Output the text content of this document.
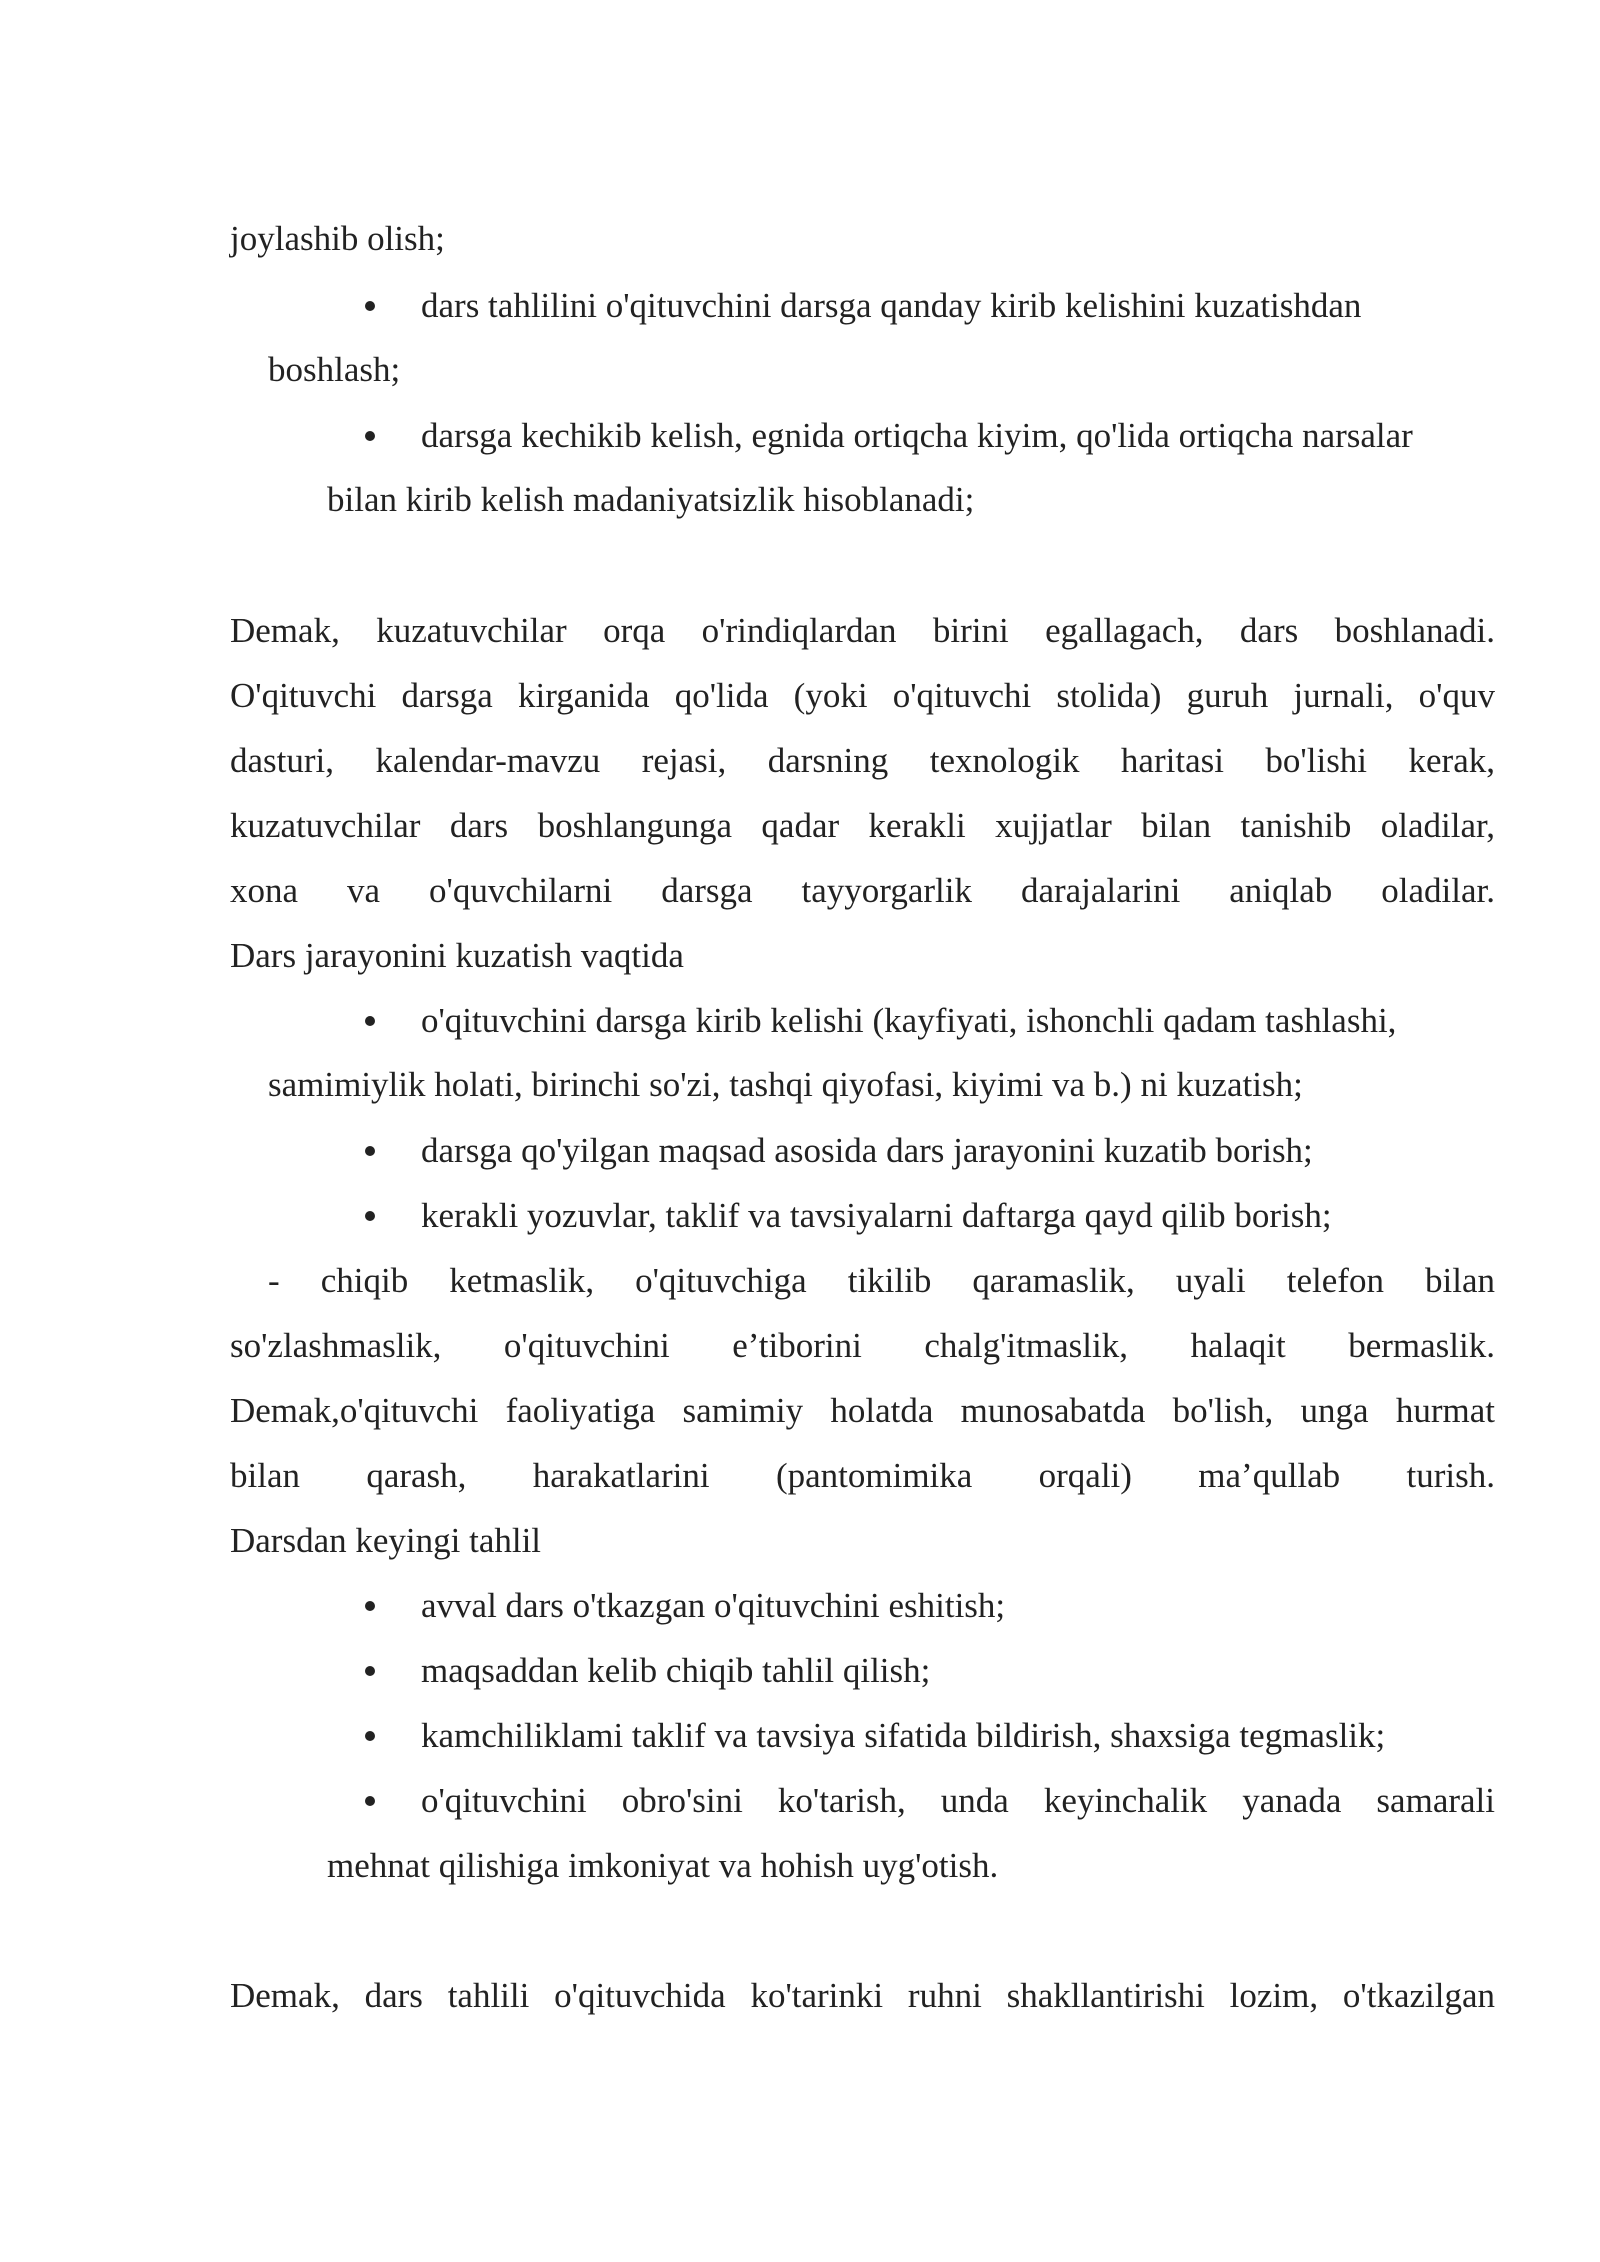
joylashib olish;
dars tahlilini o'qituvchini darsga qanday kirib kelishini kuzatishdan
boshlash;
darsga kechikib kelish, egnida ortiqcha kiyim, qo'lida ortiqcha narsalar
bilan kirib kelish madaniyatsizlik hisoblanadi;
Demak, kuzatuvchilar orqa o'rindiqlardan birini egallagach, dars boshlanadi.
O'qituvchi darsga kirganida qo'lida (yoki o'qituvchi stolida) guruh jurnali, o'quv
dasturi, kalendar-mavzu rejasi, darsning texnologik haritasi bo'lishi kerak,
kuzatuvchilar dars boshlangunga qadar kerakli xujjatlar bilan tanishib oladilar,
xona va o'quvchilarni darsga tayyorgarlik darajalarini aniqlab oladilar.
Dars jarayonini kuzatish vaqtida
o'qituvchini darsga kirib kelishi (kayfiyati, ishonchli qadam tashlashi,
samimiylik holati, birinchi so'zi, tashqi qiyofasi, kiyimi va b.) ni kuzatish;
darsga qo'yilgan maqsad asosida dars jarayonini kuzatib borish;
kerakli yozuvlar, taklif va tavsiyalarni daftarga qayd qilib borish;
- chiqib ketmaslik, o'qituvchiga tikilib qaramaslik, uyali telefon bilan
so'zlashmaslik, o'qituvchini e’tiborini chalg'itmaslik, halaqit bermaslik.
Demak,o'qituvchi faoliyatiga samimiy holatda munosabatda bo'lish, unga hurmat
bilan qarash, harakatlarini (pantomimika orqali) ma’qullab turish.
Darsdan keyingi tahlil
avval dars o'tkazgan o'qituvchini eshitish;
maqsaddan kelib chiqib tahlil qilish;
kamchiliklami taklif va tavsiya sifatida bildirish, shaxsiga tegmaslik;
o'qituvchini obro'sini ko'tarish, unda keyinchalik yanada samarali
mehnat qilishiga imkoniyat va hohish uyg'otish.
Demak, dars tahlili o'qituvchida ko'tarinki ruhni shakllantirishi lozim, o'tkazilgan
